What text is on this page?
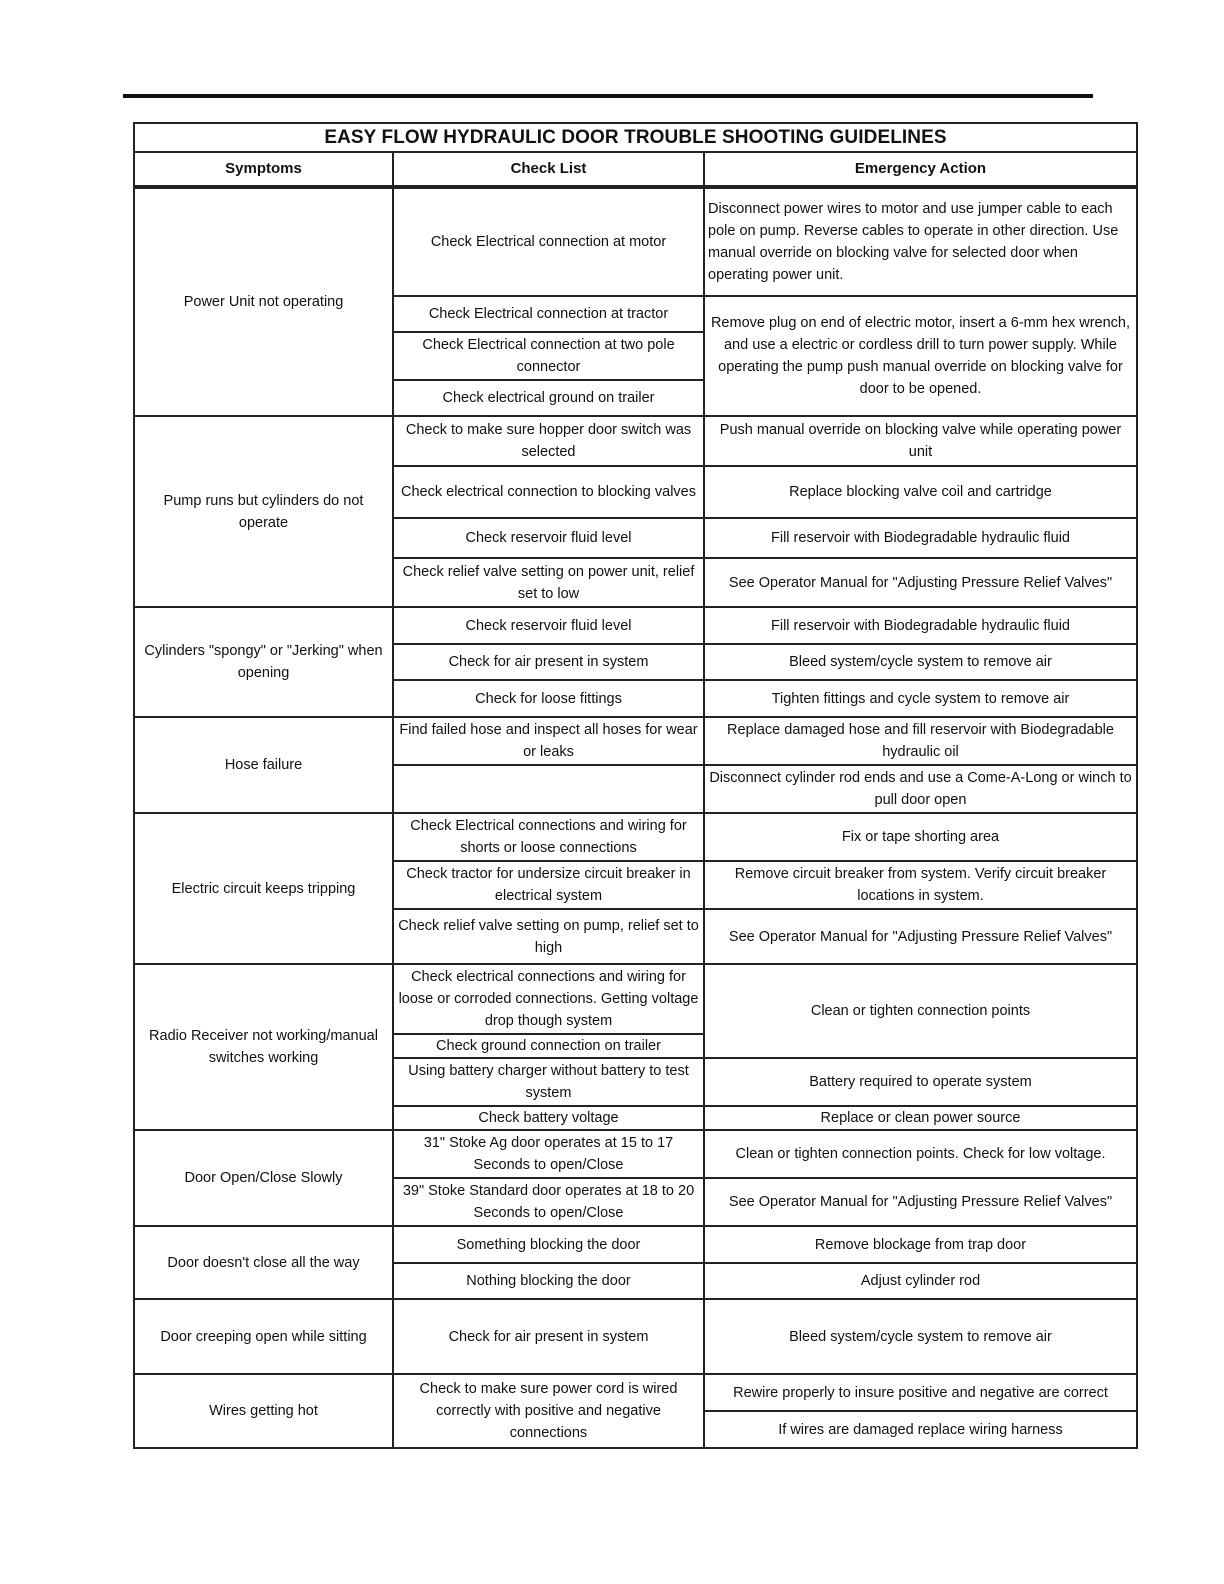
EASY FLOW HYDRAULIC DOOR TROUBLE SHOOTING GUIDELINES		
Symptoms	Check List	Emergency Action
Power Unit not operating	Check Electrical connection at motor	Disconnect power wires to motor and use jumper cable to each pole on pump. Reverse cables to operate in other direction. Use manual override on blocking valve for selected door when operating power unit.
	Check Electrical connection at tractor	Remove plug on end of electric motor, insert a 6-mm hex wrench, and use a electric or cordless drill to turn power supply. While operating the pump push manual override on blocking valve for door to be opened.
	Check Electrical connection at two pole connector	
	Check electrical ground on trailer	
Pump runs but cylinders do not operate	Check to make sure hopper door switch was selected	Push manual override on blocking valve while operating power unit
	Check electrical connection to blocking valves	Replace blocking valve coil and cartridge
	Check reservoir fluid level	Fill reservoir with Biodegradable hydraulic fluid
	Check relief valve setting on power unit, relief set to low	See Operator Manual for "Adjusting Pressure Relief Valves"
Cylinders "spongy" or "Jerking" when opening	Check reservoir fluid level	Fill reservoir with Biodegradable hydraulic fluid
	Check for air present in system	Bleed system/cycle system to remove air
	Check for loose fittings	Tighten fittings and cycle system to remove air
Hose failure	Find failed hose and inspect all hoses for wear or leaks	Replace damaged hose and fill reservoir with Biodegradable hydraulic oil
		Disconnect cylinder rod ends and use a Come-A-Long or winch to pull door open
Electric circuit keeps tripping	Check Electrical connections and wiring for shorts or loose connections	Fix or tape shorting area
	Check tractor for undersize circuit breaker in electrical system	Remove circuit breaker from system. Verify circuit breaker locations in system.
	Check relief valve setting on pump, relief set to high	See Operator Manual for "Adjusting Pressure Relief Valves"
Radio Receiver not working/manual switches working	Check electrical connections and wiring for loose or corroded connections. Getting voltage drop though system	Clean or tighten connection points
	Check ground connection on trailer	
	Using battery charger without battery to test system	Battery required to operate system
	Check battery voltage	Replace or clean power source
Door Open/Close Slowly	31" Stoke Ag door operates at 15 to 17 Seconds to open/Close	Clean or tighten connection points. Check for low voltage.
	39" Stoke Standard door operates at 18 to 20 Seconds to open/Close	See Operator Manual for "Adjusting Pressure Relief Valves"
Door doesn't close all the way	Something blocking the door	Remove blockage from trap door
	Nothing blocking the door	Adjust cylinder rod
Door creeping open while sitting	Check for air present in system	Bleed system/cycle system to remove air
Wires getting hot	Check to make sure power cord is wired correctly with positive and negative connections	Rewire properly to insure positive and negative are correct
		If wires are damaged replace wiring harness
